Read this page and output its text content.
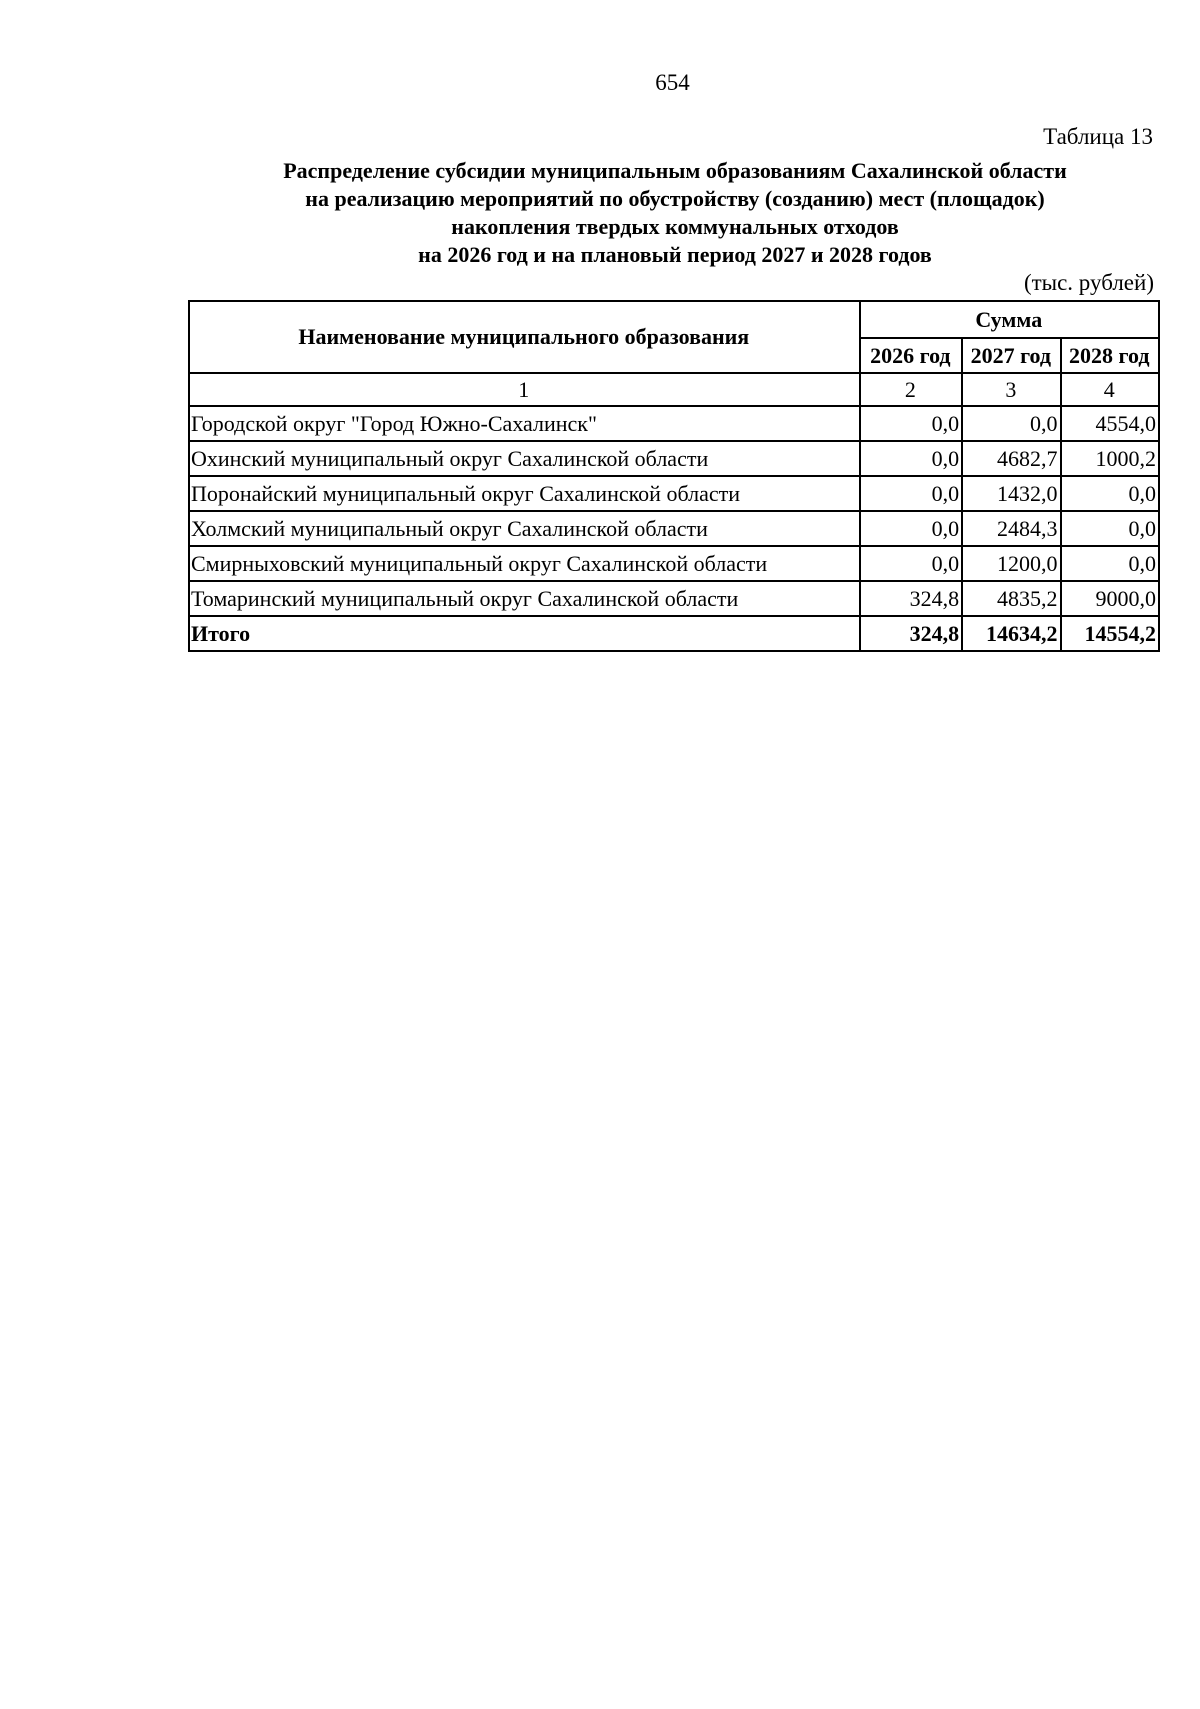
654
Таблица 13
Распределение субсидии муниципальным образованиям Сахалинской области
на реализацию мероприятий по обустройству (созданию) мест (площадок)
накопления твердых коммунальных отходов
на 2026 год и на плановый период 2027 и 2028 годов
(тыс. рублей)
Наименование муниципального образования	Сумма		
	2026 год	2027 год	2028 год
1	2	3	4
Городской округ "Город Южно-Сахалинск"	0,0	0,0	4554,0
Охинский муниципальный округ Сахалинской области	0,0	4682,7	1000,2
Поронайский муниципальный округ Сахалинской области	0,0	1432,0	0,0
Холмский муниципальный округ Сахалинской области	0,0	2484,3	0,0
Смирныховский муниципальный округ Сахалинской области	0,0	1200,0	0,0
Томаринский муниципальный округ Сахалинской области	324,8	4835,2	9000,0
Итого	324,8	14634,2	14554,2
